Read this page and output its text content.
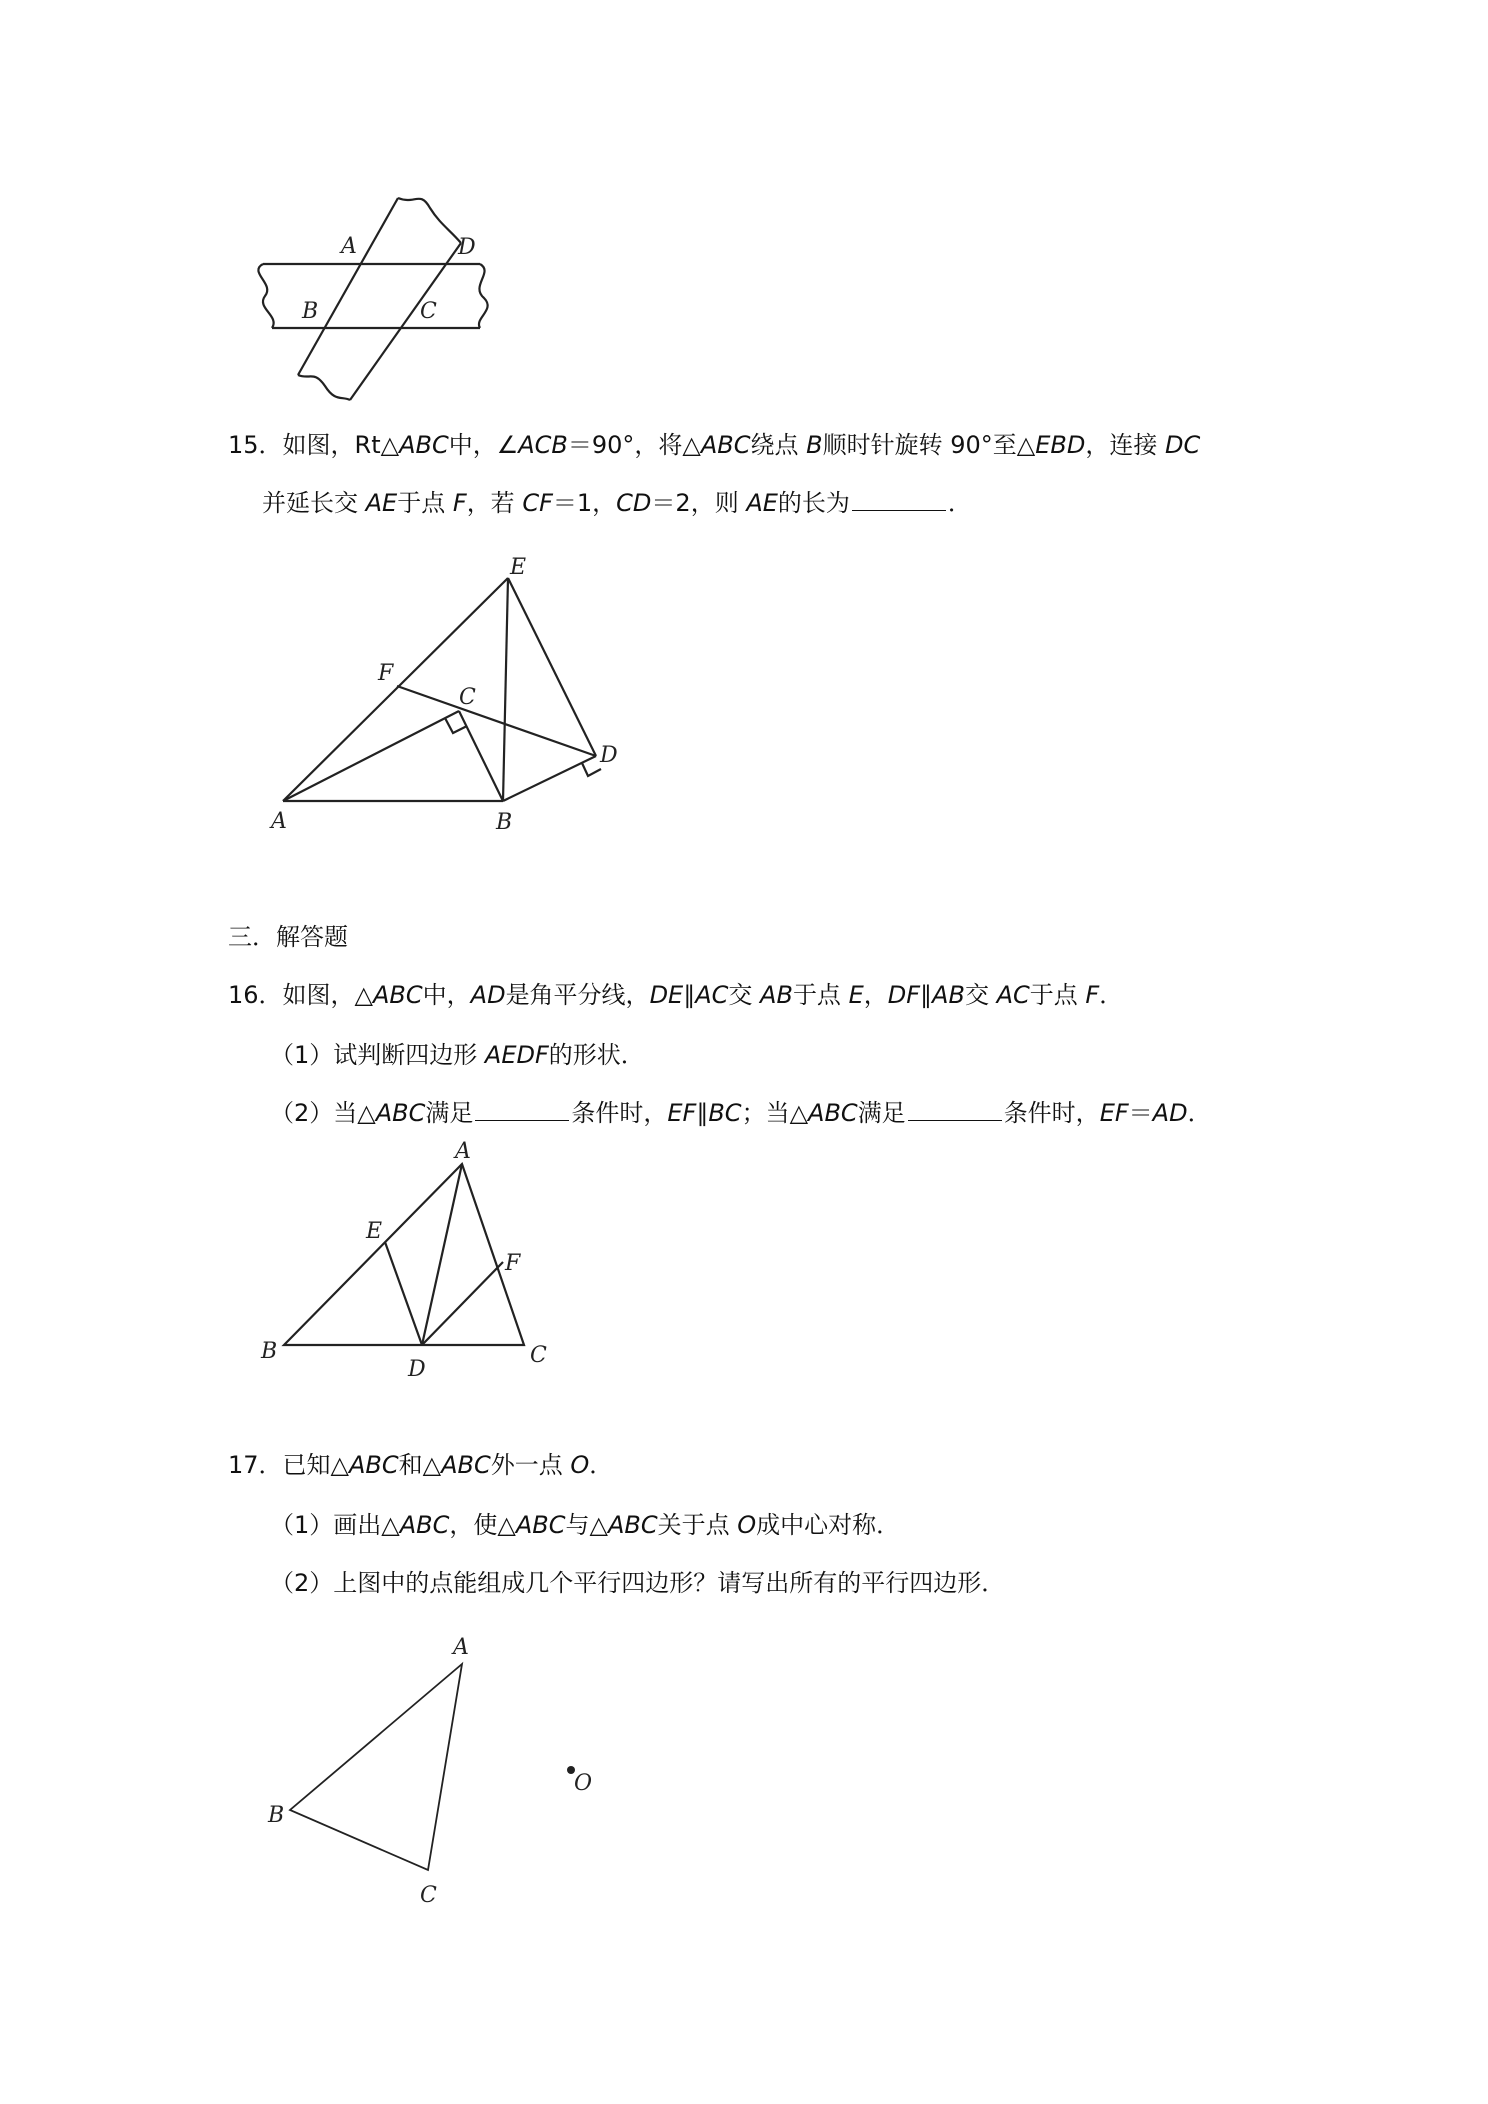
A	D
B	C
15．如图，Rt△ABC中，∠ACB＝90°，将△ABC绕点 B顺时针旋转 90°至△EBD，连接 DC
并延长交 AE于点 F，若 CF＝1，CD＝2，则 AE的长为	．
E
F
C
D
A	B
三．解答题
16．如图，△ABC中，AD是角平分线，DE∥AC交 AB于点 E，DF∥AB交 AC于点 F．
（1）试判断四边形 AEDF的形状．
（2）当△ABC满足	条件时，EF∥BC；当△ABC满足	条件时，EF＝AD．
A
E
F
B
D
C
17．已知△ABC和△ABC外一点 O．
（1）画出△ABC，使△ABC与△ABC关于点 O成中心对称．
（2）上图中的点能组成几个平行四边形？请写出所有的平行四边形．
A
B
C
O
